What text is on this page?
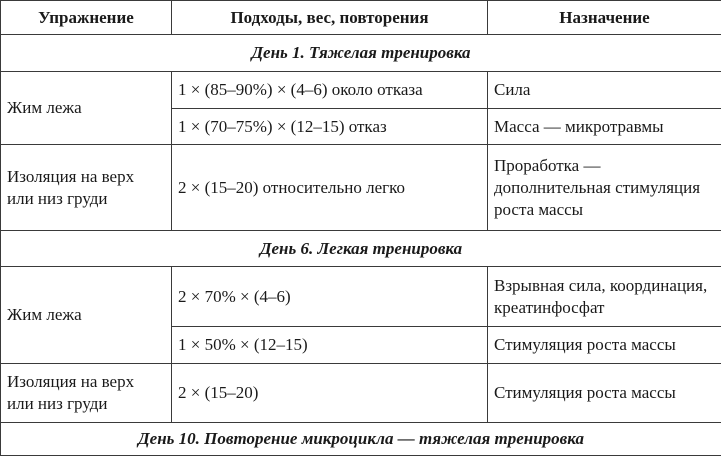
Упражнение	Подходы, вес, повторения	Назначение
День 1. Тяжелая тренировка		
Жим лежа	1 × (85–90%) × (4–6) около отказа	Сила
	1 × (70–75%) × (12–15) отказ	Масса — микротравмы
Изоляция на верх или низ груди	2 × (15–20) относительно легко	Проработка — дополнительная стимуляция роста массы
День 6. Легкая тренировка		
Жим лежа	2 × 70% × (4–6)	Взрывная сила, координация, креатинфосфат
	1 × 50% × (12–15)	Стимуляция роста массы
Изоляция на верх или низ груди	2 × (15–20)	Стимуляция роста массы
День 10. Повторение микроцикла — тяжелая тренировка		
